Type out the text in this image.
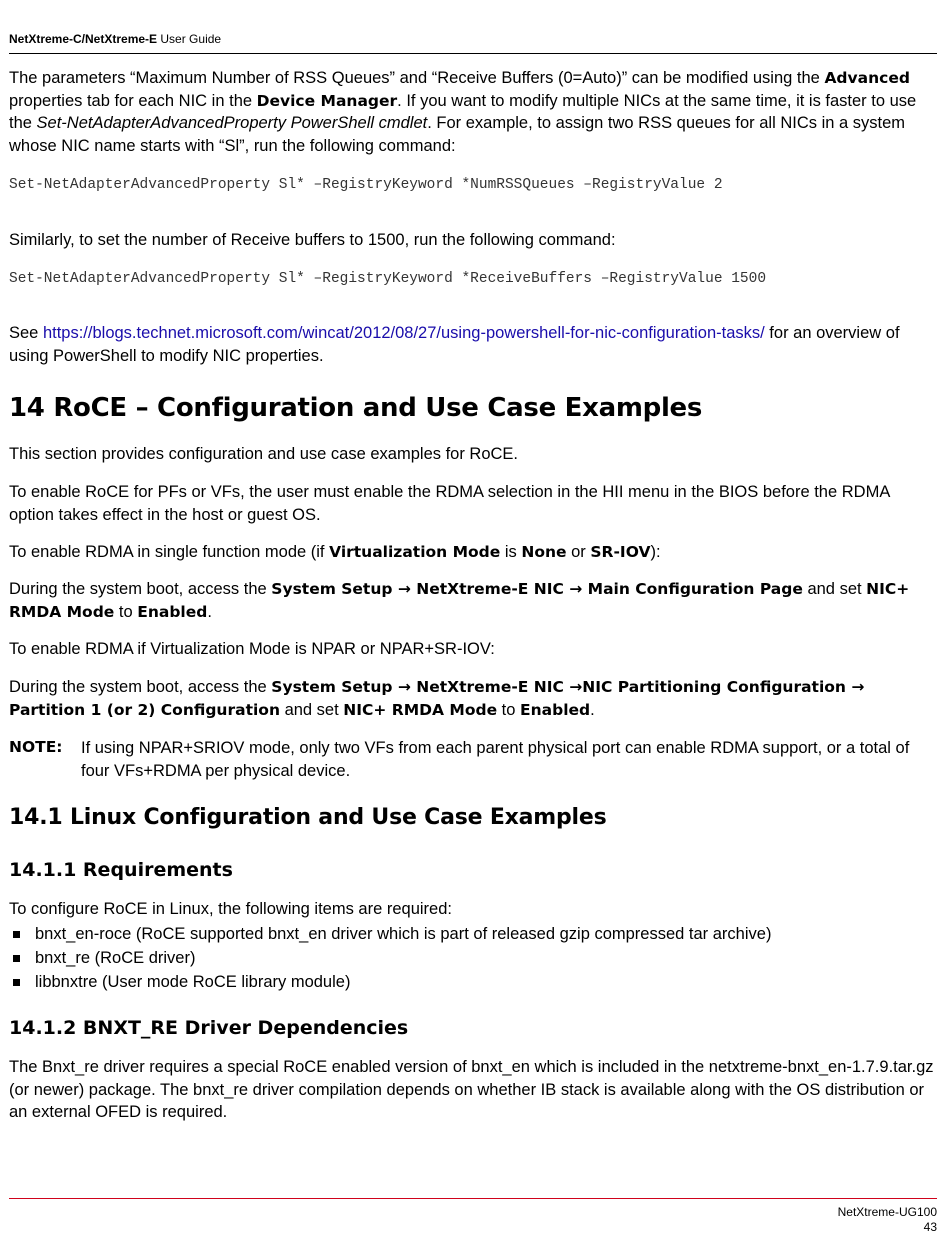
NetXtreme-C/NetXtreme-E User Guide

The parameters “Maximum Number of RSS Queues” and “Receive Buffers (0=Auto)” can be modified using the Advanced properties tab for each NIC in the Device Manager. If you want to modify multiple NICs at the same time, it is faster to use the Set-NetAdapterAdvancedProperty PowerShell cmdlet. For example, to assign two RSS queues for all NICs in a system whose NIC name starts with “Sl”, run the following command:

Set-NetAdapterAdvancedProperty Sl* –RegistryKeyword *NumRSSQueues –RegistryValue 2

Similarly, to set the number of Receive buffers to 1500, run the following command:

Set-NetAdapterAdvancedProperty Sl* –RegistryKeyword *ReceiveBuffers –RegistryValue 1500

See https://blogs.technet.microsoft.com/wincat/2012/08/27/using-powershell-for-nic-configuration-tasks/ for an overview of using PowerShell to modify NIC properties.

14 RoCE – Configuration and Use Case Examples

This section provides configuration and use case examples for RoCE.

To enable RoCE for PFs or VFs, the user must enable the RDMA selection in the HII menu in the BIOS before the RDMA option takes effect in the host or guest OS.

To enable RDMA in single function mode (if Virtualization Mode is None or SR-IOV):

During the system boot, access the System Setup → NetXtreme-E NIC → Main Configuration Page and set NIC+ RMDA Mode to Enabled.

To enable RDMA if Virtualization Mode is NPAR or NPAR+SR-IOV:

During the system boot, access the System Setup → NetXtreme-E NIC →NIC Partitioning Configuration → Partition 1 (or 2) Configuration and set NIC+ RMDA Mode to Enabled.

NOTE: If using NPAR+SRIOV mode, only two VFs from each parent physical port can enable RDMA support, or a total of four VFs+RDMA per physical device.

14.1 Linux Configuration and Use Case Examples
14.1.1 Requirements

To configure RoCE in Linux, the following items are required:

bnxt_en-roce (RoCE supported bnxt_en driver which is part of released gzip compressed tar archive)
bnxt_re (RoCE driver)
libbnxtre (User mode RoCE library module)
14.1.2 BNXT_RE Driver Dependencies

The Bnxt_re driver requires a special RoCE enabled version of bnxt_en which is included in the netxtreme-bnxt_en-1.7.9.tar.gz (or newer) package. The bnxt_re driver compilation depends on whether IB stack is available along with the OS distribution or an external OFED is required.

NetXtreme-UG100
43
